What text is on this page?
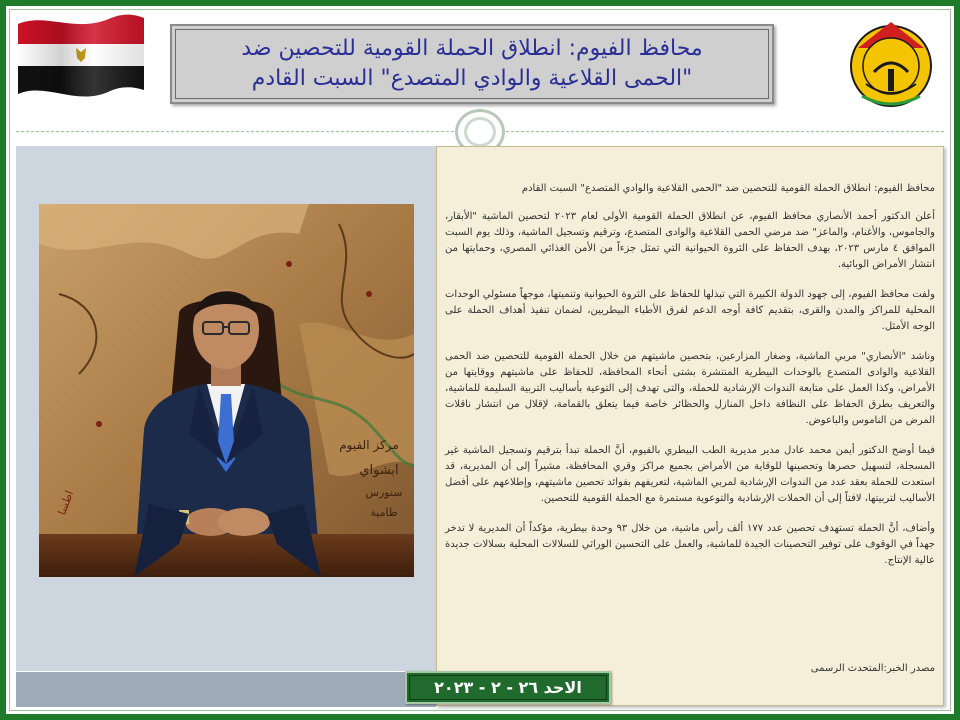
محافظ الفيوم: انطلاق الحملة القومية للتحصين ضد
"الحمى القلاعية والوادي المتصدع" السبت القادم
مركز الفيوم
ابشواي
سنورس
طامية
اطسا

محافظ الفيوم: انطلاق الحملة القومية للتحصين ضد "الحمى القلاعية والوادي المتصدع" السبت القادم

أعلن الدكتور أحمد الأنصاري محافظ الفيوم، عن انطلاق الحملة القومية الأولى لعام ٢٠٢٣ لتحصين الماشية "الأبقار، والجاموس، والأغنام، والماعز" ضد مرضي الحمى القلاعية والوادى المتصدع، وترقيم وتسجيل الماشية، وذلك يوم السبت الموافق ٤ مارس ٢٠٢٣، بهدف الحفاظ على الثروة الحيوانية التي تمثل جزءاً من الأمن الغذائي المصري، وحمايتها من انتشار الأمراض الوبائية.

ولفت محافظ الفيوم، إلى جهود الدولة الكبيرة التي تبذلها للحفاظ على الثروة الحيوانية وتنميتها، موجهاً مسئولي الوحدات المحلية للمراكز والمدن والقرى، بتقديم كافة أوجه الدعم لفرق الأطباء البيطريين، لضمان تنفيذ أهداف الحملة على الوجه الأمثل.

وناشد "الأنصاري" مربي الماشية، وصغار المزارعين، بتحصين ماشيتهم من خلال الحملة القومية للتحصين ضد الحمى القلاعية والوادى المتصدع بالوحدات البيطرية المنتشرة بشتى أنحاء المحافظة، للحفاظ على ماشيتهم ووقايتها من الأمراض، وكذا العمل على متابعة الندوات الإرشادية للحملة، والتى تهدف إلى التوعية بأساليب التربية السليمة للماشية، والتعريف بطرق الحفاظ على النظافة داخل المنازل والحظائر خاصة فيما يتعلق بالقمامة، لإقلال من انتشار ناقلات المرض من الناموس والباعوض.

فيما أوضح الدكتور أيمن محمد عادل مدير مديرية الطب البيطري بالفيوم، أنَّ الحملة تبدأ بترقيم وتسجيل الماشية غير المسجلة، لتسهيل حصرها وتحصينها للوقاية من الأمراض بجميع مراكز وقري المحافظة، مشيراً إلى أن المديرية، قد استعدت للحملة بعقد عدد من الندوات الإرشادية لمربي الماشية، لتعريفهم بفوائد تحصين ماشيتهم، وإطلاعهم على أفضل الأساليب لتربيتها، لافتاً إلى أن الحملات الإرشادية والتوعوية مستمرة مع الحملة القومية للتحصين.

وأضاف، أنَّ الحملة تستهدف تحصين عدد ١٧٧ ألف رأس ماشية، من خلال ٩٣ وحدة بيطرية، مؤكداً أن المديرية لا تدخر جهداً في الوقوف على توفير التحصينات الجيدة للماشية، والعمل على التحسين الوراثي للسلالات المحلية بسلالات جديدة عالية الإنتاج.

مصدر الخبر:المتحدث الرسمى
الاحد ٢٦ - ٢ - ٢٠٢٣
